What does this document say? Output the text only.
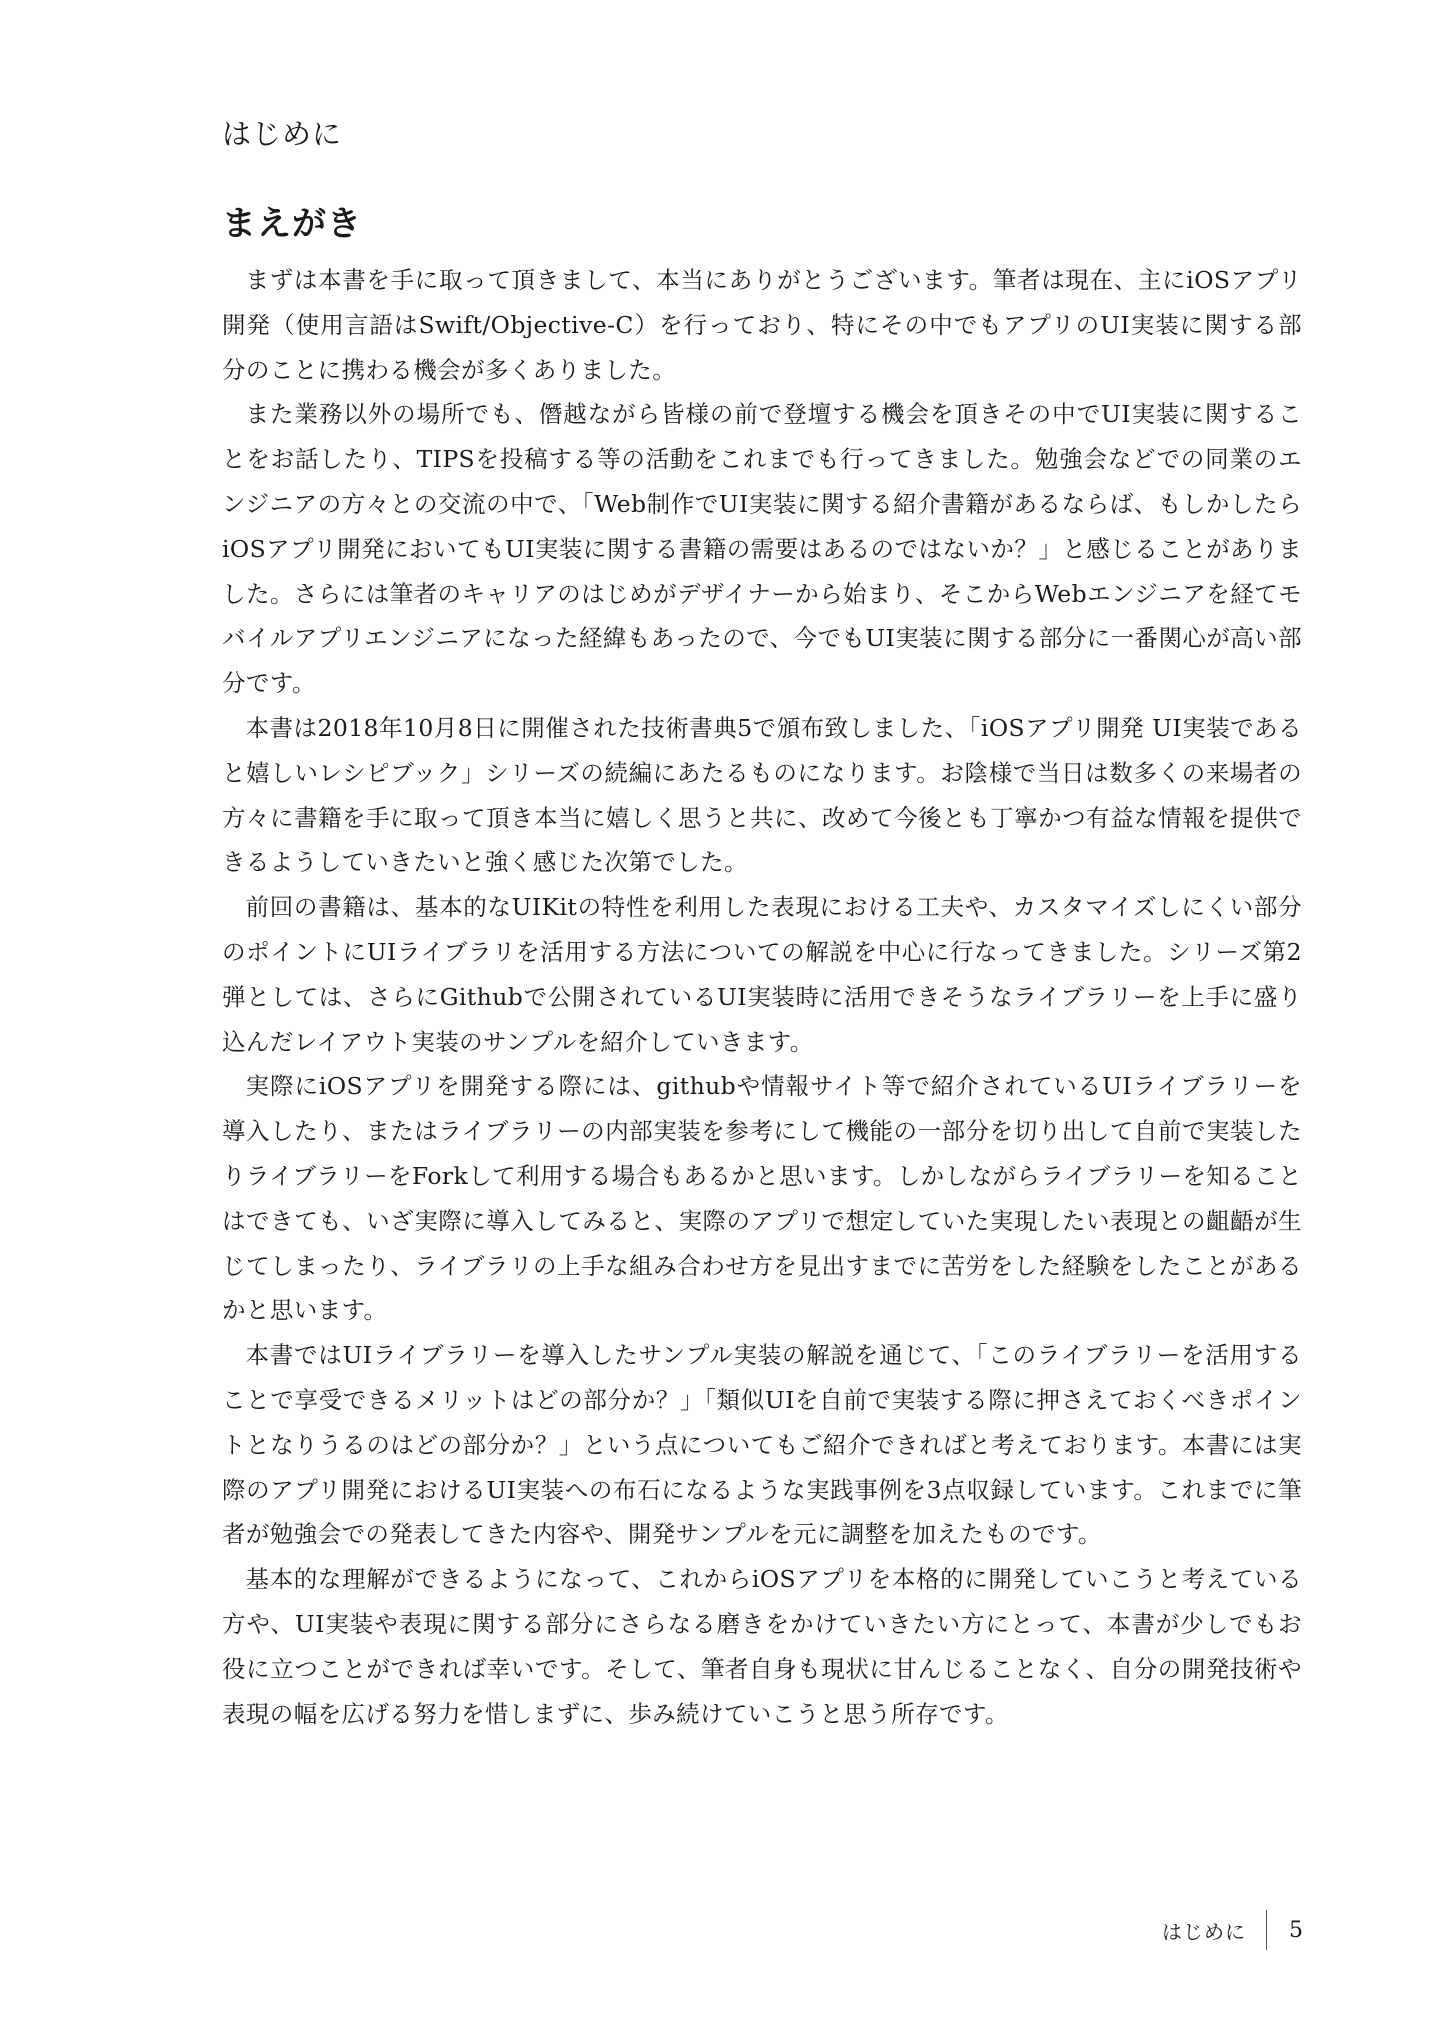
はじめに
まえがき

まずは本書を手に取って頂きまして、本当にありがとうございます。筆者は現在、主にiOSアプリ開発（使用言語はSwift/Objective-C）を行っており、特にその中でもアプリのUI実装に関する部分のことに携わる機会が多くありました。

また業務以外の場所でも、僭越ながら皆様の前で登壇する機会を頂きその中でUI実装に関することをお話したり、TIPSを投稿する等の活動をこれまでも行ってきました。勉強会などでの同業のエンジニアの方々との交流の中で、「Web制作でUI実装に関する紹介書籍があるならば、もしかしたらiOSアプリ開発においてもUI実装に関する書籍の需要はあるのではないか？」と感じることがありました。さらには筆者のキャリアのはじめがデザイナーから始まり、そこからWebエンジニアを経てモバイルアプリエンジニアになった経緯もあったので、今でもUI実装に関する部分に一番関心が高い部分です。

本書は2018年10月8日に開催された技術書典5で頒布致しました、「iOSアプリ開発 UI実装であると嬉しいレシピブック」シリーズの続編にあたるものになります。お陰様で当日は数多くの来場者の方々に書籍を手に取って頂き本当に嬉しく思うと共に、改めて今後とも丁寧かつ有益な情報を提供できるようしていきたいと強く感じた次第でした。

前回の書籍は、基本的なUIKitの特性を利用した表現における工夫や、カスタマイズしにくい部分のポイントにUIライブラリを活用する方法についての解説を中心に行なってきました。シリーズ第2弾としては、さらにGithubで公開されているUI実装時に活用できそうなライブラリーを上手に盛り込んだレイアウト実装のサンプルを紹介していきます。

実際にiOSアプリを開発する際には、githubや情報サイト等で紹介されているUIライブラリーを導入したり、またはライブラリーの内部実装を参考にして機能の一部分を切り出して自前で実装したりライブラリーをForkして利用する場合もあるかと思います。しかしながらライブラリーを知ることはできても、いざ実際に導入してみると、実際のアプリで想定していた実現したい表現との齟齬が生じてしまったり、ライブラリの上手な組み合わせ方を見出すまでに苦労をした経験をしたことがあるかと思います。

本書ではUIライブラリーを導入したサンプル実装の解説を通じて、「このライブラリーを活用することで享受できるメリットはどの部分か？」「類似UIを自前で実装する際に押さえておくべきポイントとなりうるのはどの部分か？」という点についてもご紹介できればと考えております。本書には実際のアプリ開発におけるUI実装への布石になるような実践事例を3点収録しています。これまでに筆者が勉強会での発表してきた内容や、開発サンプルを元に調整を加えたものです。

基本的な理解ができるようになって、これからiOSアプリを本格的に開発していこうと考えている方や、UI実装や表現に関する部分にさらなる磨きをかけていきたい方にとって、本書が少しでもお役に立つことができれば幸いです。そして、筆者自身も現状に甘んじることなく、自分の開発技術や表現の幅を広げる努力を惜しまずに、歩み続けていこうと思う所存です。

はじめに 5
